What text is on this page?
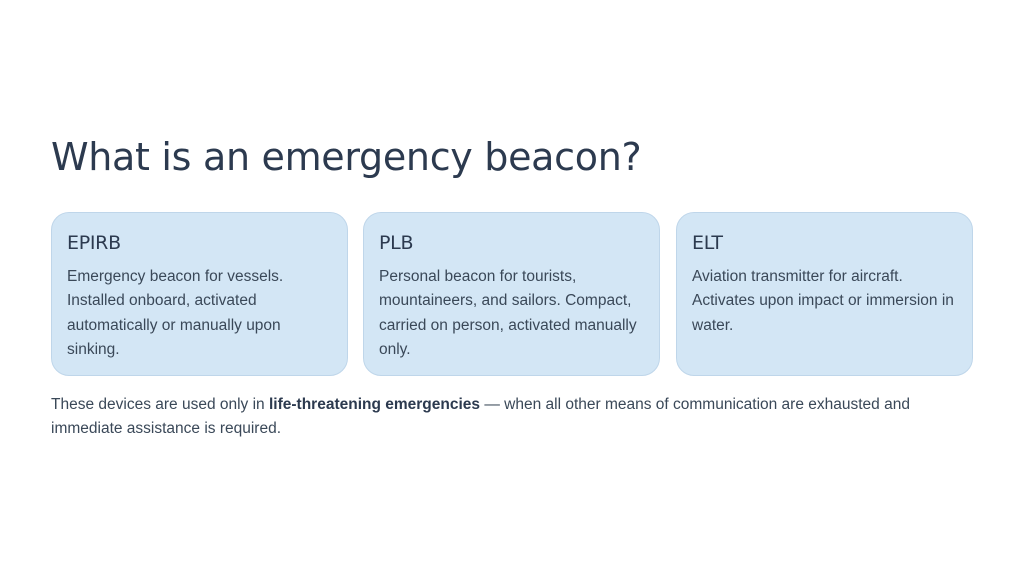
What is an emergency beacon?
EPIRB

Emergency beacon for vessels. Installed onboard, activated automatically or manually upon sinking.

PLB

Personal beacon for tourists, mountaineers, and sailors. Compact, carried on person, activated manually only.

ELT

Aviation transmitter for aircraft. Activates upon impact or immersion in water.

These devices are used only in life-threatening emergencies — when all other means of communication are exhausted and immediate assistance is required.
